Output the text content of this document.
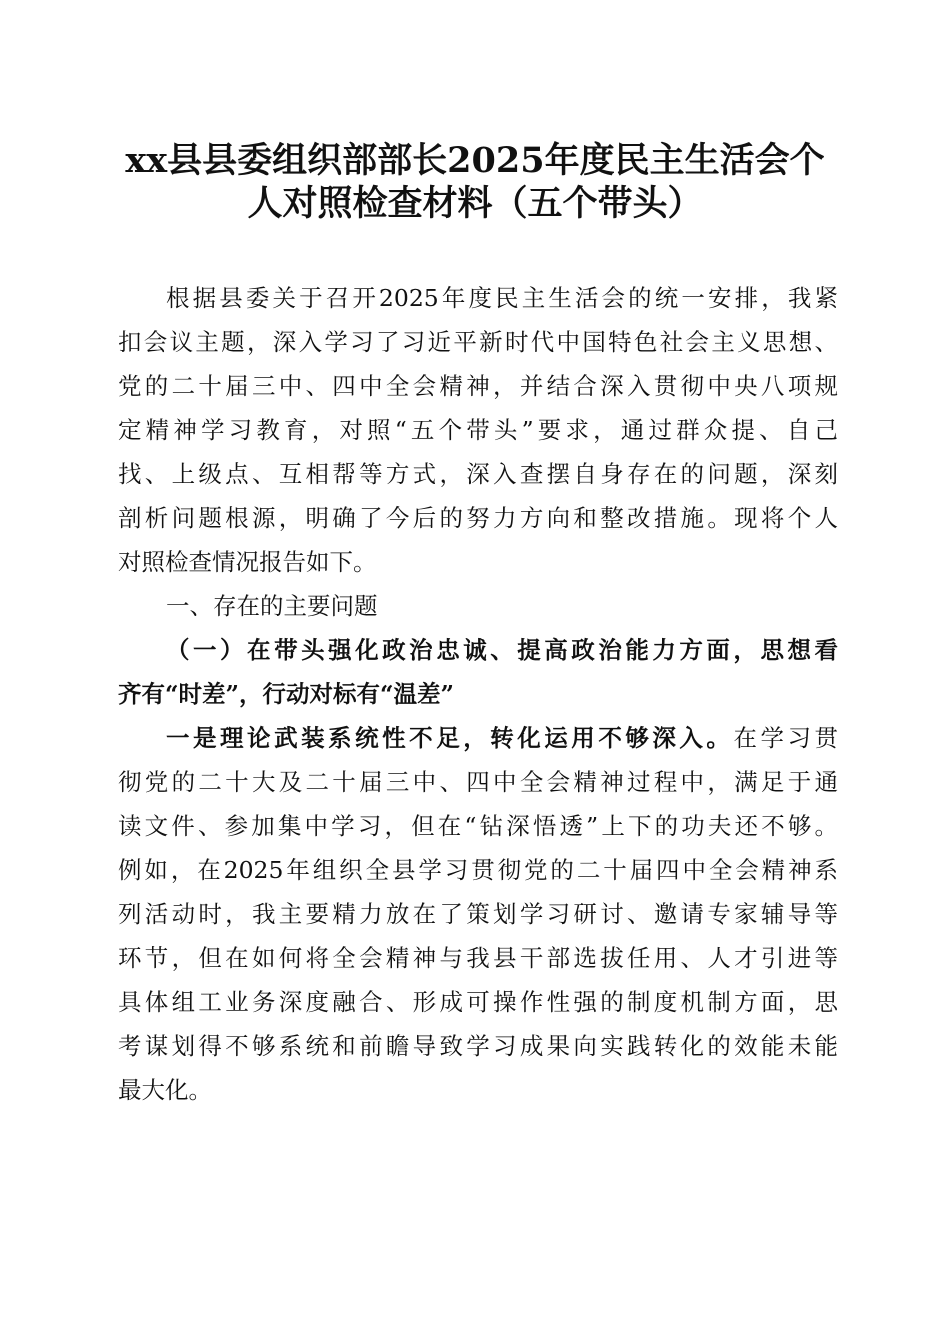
xx县县委组织部部长2025年度民主生活会个
人对照检查材料（五个带头）
根据县委关于召开2025年度民主生活会的统一安排，我紧
扣会议主题，深入学习了习近平新时代中国特色社会主义思想、
党的二十届三中、四中全会精神，并结合深入贯彻中央八项规
定精神学习教育，对照“五个带头”要求，通过群众提、自己
找、上级点、互相帮等方式，深入查摆自身存在的问题，深刻
剖析问题根源，明确了今后的努力方向和整改措施。现将个人
对照检查情况报告如下。
一、存在的主要问题
（一）在带头强化政治忠诚、提高政治能力方面，思想看
齐有“时差”，行动对标有“温差”
一是理论武装系统性不足，转化运用不够深入。在学习贯
彻党的二十大及二十届三中、四中全会精神过程中，满足于通
读文件、参加集中学习，但在“钻深悟透”上下的功夫还不够。
例如，在2025年组织全县学习贯彻党的二十届四中全会精神系
列活动时，我主要精力放在了策划学习研讨、邀请专家辅导等
环节，但在如何将全会精神与我县干部选拔任用、人才引进等
具体组工业务深度融合、形成可操作性强的制度机制方面，思
考谋划得不够系统和前瞻导致学习成果向实践转化的效能未能
最大化。
